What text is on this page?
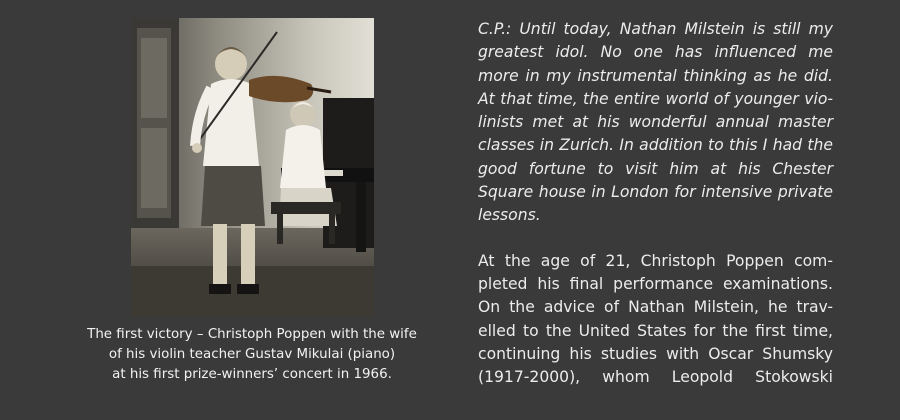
The first victory – Christoph Poppen with the wife
of his violin teacher Gustav Mikulai (piano)
at his first prize-winners’ concert in 1966.
C.P.: Until today, Nathan Milstein is still my
greatest idol. No one has influenced me
more in my instrumental thinking as he did.
At that time, the entire world of younger vio-
linists met at his wonderful annual master
classes in Zurich. In addition to this I had the
good fortune to visit him at his Chester
Square house in London for intensive private
lessons.
At the age of 21, Christoph Poppen com-
pleted his final performance examinations.
On the advice of Nathan Milstein, he trav-
elled to the United States for the first time,
continuing his studies with Oscar Shumsky
(1917-2000), whom Leopold Stokowski
